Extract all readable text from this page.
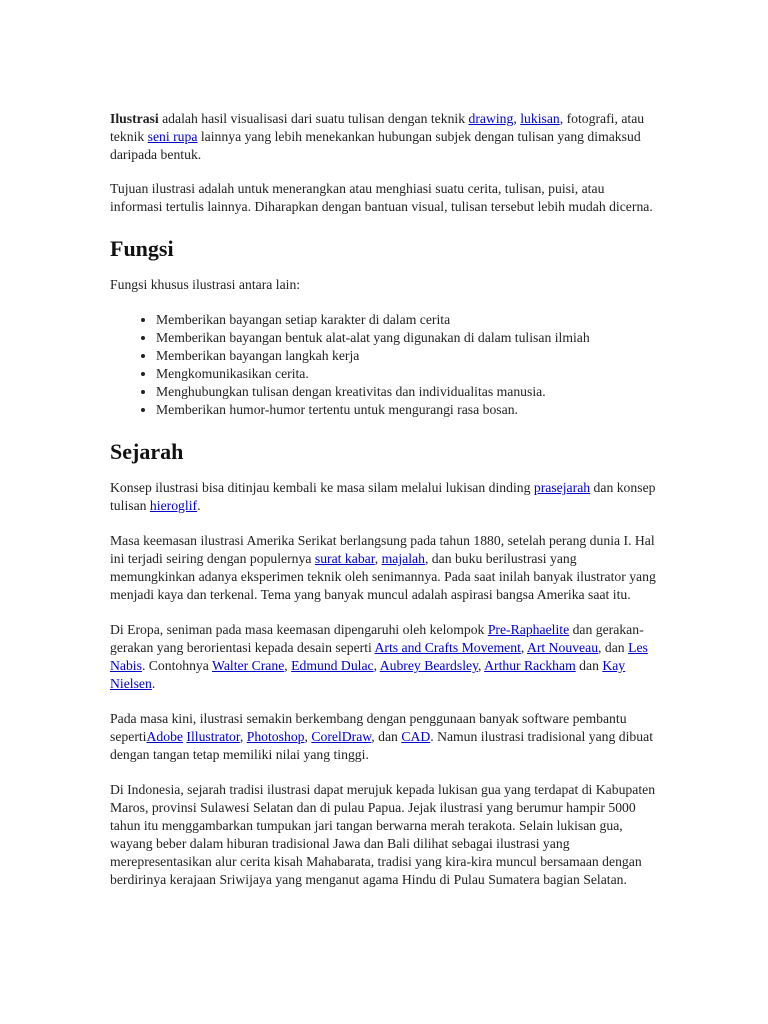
Ilustrasi adalah hasil visualisasi dari suatu tulisan dengan teknik drawing, lukisan, fotografi, atau teknik seni rupa lainnya yang lebih menekankan hubungan subjek dengan tulisan yang dimaksud daripada bentuk.

Tujuan ilustrasi adalah untuk menerangkan atau menghiasi suatu cerita, tulisan, puisi, atau informasi tertulis lainnya. Diharapkan dengan bantuan visual, tulisan tersebut lebih mudah dicerna.

Fungsi

Fungsi khusus ilustrasi antara lain:

• Memberikan bayangan setiap karakter di dalam cerita
• Memberikan bayangan bentuk alat-alat yang digunakan di dalam tulisan ilmiah
• Memberikan bayangan langkah kerja
• Mengkomunikasikan cerita.
• Menghubungkan tulisan dengan kreativitas dan individualitas manusia.
• Memberikan humor-humor tertentu untuk mengurangi rasa bosan.
Sejarah

Konsep ilustrasi bisa ditinjau kembali ke masa silam melalui lukisan dinding prasejarah dan konsep tulisan hieroglif.

Masa keemasan ilustrasi Amerika Serikat berlangsung pada tahun 1880, setelah perang dunia I. Hal ini terjadi seiring dengan populernya surat kabar, majalah, dan buku berilustrasi yang memungkinkan adanya eksperimen teknik oleh senimannya. Pada saat inilah banyak ilustrator yang menjadi kaya dan terkenal. Tema yang banyak muncul adalah aspirasi bangsa Amerika saat itu.

Di Eropa, seniman pada masa keemasan dipengaruhi oleh kelompok Pre-Raphaelite dan gerakan-gerakan yang berorientasi kepada desain seperti Arts and Crafts Movement, Art Nouveau, dan Les Nabis. Contohnya Walter Crane, Edmund Dulac, Aubrey Beardsley, Arthur Rackham dan Kay Nielsen.

Pada masa kini, ilustrasi semakin berkembang dengan penggunaan banyak software pembantu sepertiAdobe Illustrator, Photoshop, CorelDraw, dan CAD. Namun ilustrasi tradisional yang dibuat dengan tangan tetap memiliki nilai yang tinggi.

Di Indonesia, sejarah tradisi ilustrasi dapat merujuk kepada lukisan gua yang terdapat di Kabupaten Maros, provinsi Sulawesi Selatan dan di pulau Papua. Jejak ilustrasi yang berumur hampir 5000 tahun itu menggambarkan tumpukan jari tangan berwarna merah terakota. Selain lukisan gua, wayang beber dalam hiburan tradisional Jawa dan Bali dilihat sebagai ilustrasi yang merepresentasikan alur cerita kisah Mahabarata, tradisi yang kira-kira muncul bersamaan dengan berdirinya kerajaan Sriwijaya yang menganut agama Hindu di Pulau Sumatera bagian Selatan.
